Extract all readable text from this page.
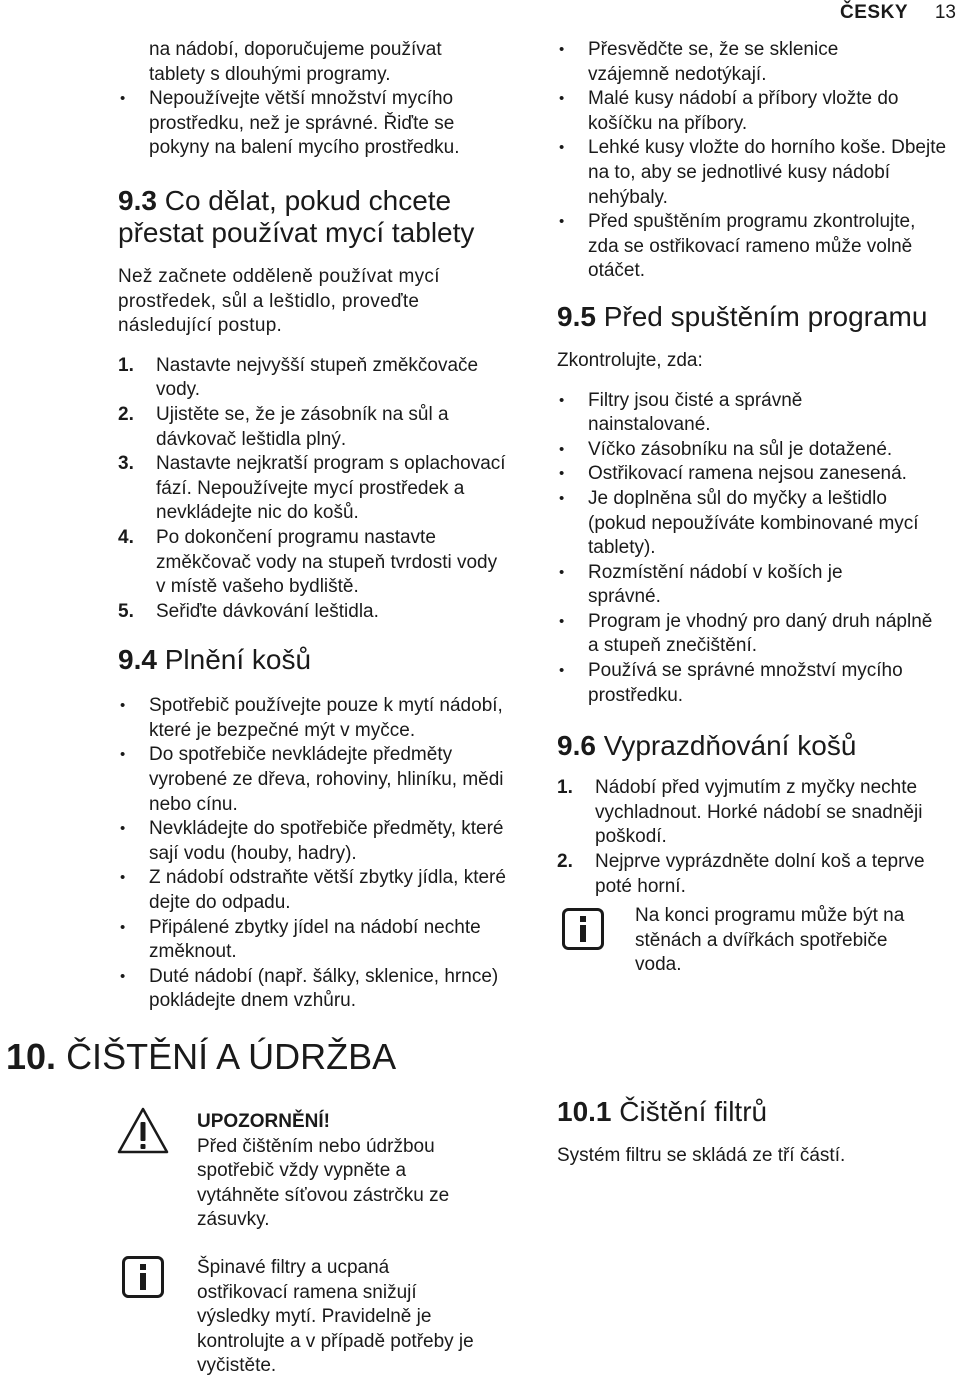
ČESKY 13
na nádobí, doporučujeme používat
tablety s dlouhými programy.
• Nepoužívejte větší množství mycího prostředku, než je správné. Řiďte se pokyny na balení mycího prostředku.
9.3 Co dělat, pokud chcete přestat používat mycí tablety

Než začnete odděleně používat mycí prostředek, sůl a leštidlo, proveďte následující postup.

1. Nastavte nejvyšší stupeň změkčovače vody.
2. Ujistěte se, že je zásobník na sůl a dávkovač leštidla plný.
3. Nastavte nejkratší program s oplachovací fází. Nepoužívejte mycí prostředek a nevkládejte nic do košů.
4. Po dokončení programu nastavte změkčovač vody na stupeň tvrdosti vody v místě vašeho bydliště.
5. Seřiďte dávkování leštidla.
9.4 Plnění košů
• Spotřebič používejte pouze k mytí nádobí, které je bezpečné mýt v myčce.
• Do spotřebiče nevkládejte předměty vyrobené ze dřeva, rohoviny, hliníku, mědi nebo cínu.
• Nevkládejte do spotřebiče předměty, které sají vodu (houby, hadry).
• Z nádobí odstraňte větší zbytky jídla, které dejte do odpadu.
• Připálené zbytky jídel na nádobí nechte změknout.
• Duté nádobí (např. šálky, sklenice, hrnce) pokládejte dnem vzhůru.
10. ČIŠTĚNÍ A ÚDRŽBA
UPOZORNĚNÍ!
Před čištěním nebo údržbou spotřebič vždy vypněte a vytáhněte síťovou zástrčku ze zásuvky.
Špinavé filtry a ucpaná ostřikovací ramena snižují výsledky mytí. Pravidelně je kontrolujte a v případě potřeby je vyčistěte.
• Přesvědčte se, že se sklenice vzájemně nedotýkají.
• Malé kusy nádobí a příbory vložte do košíčku na příbory.
• Lehké kusy vložte do horního koše. Dbejte na to, aby se jednotlivé kusy nádobí nehýbaly.
• Před spuštěním programu zkontrolujte, zda se ostřikovací rameno může volně otáčet.
9.5 Před spuštěním programu

Zkontrolujte, zda:

• Filtry jsou čisté a správně nainstalované.
• Víčko zásobníku na sůl je dotažené.
• Ostřikovací ramena nejsou zanesená.
• Je doplněna sůl do myčky a leštidlo (pokud nepoužíváte kombinované mycí tablety).
• Rozmístění nádobí v koších je správné.
• Program je vhodný pro daný druh náplně a stupeň znečištění.
• Používá se správné množství mycího prostředku.
9.6 Vyprazdňování košů
1. Nádobí před vyjmutím z myčky nechte vychladnout. Horké nádobí se snadněji poškodí.
2. Nejprve vyprázdněte dolní koš a teprve poté horní.
Na konci programu může být na stěnách a dvířkách spotřebiče voda.
10.1 Čištění filtrů

Systém filtru se skládá ze tří částí.
